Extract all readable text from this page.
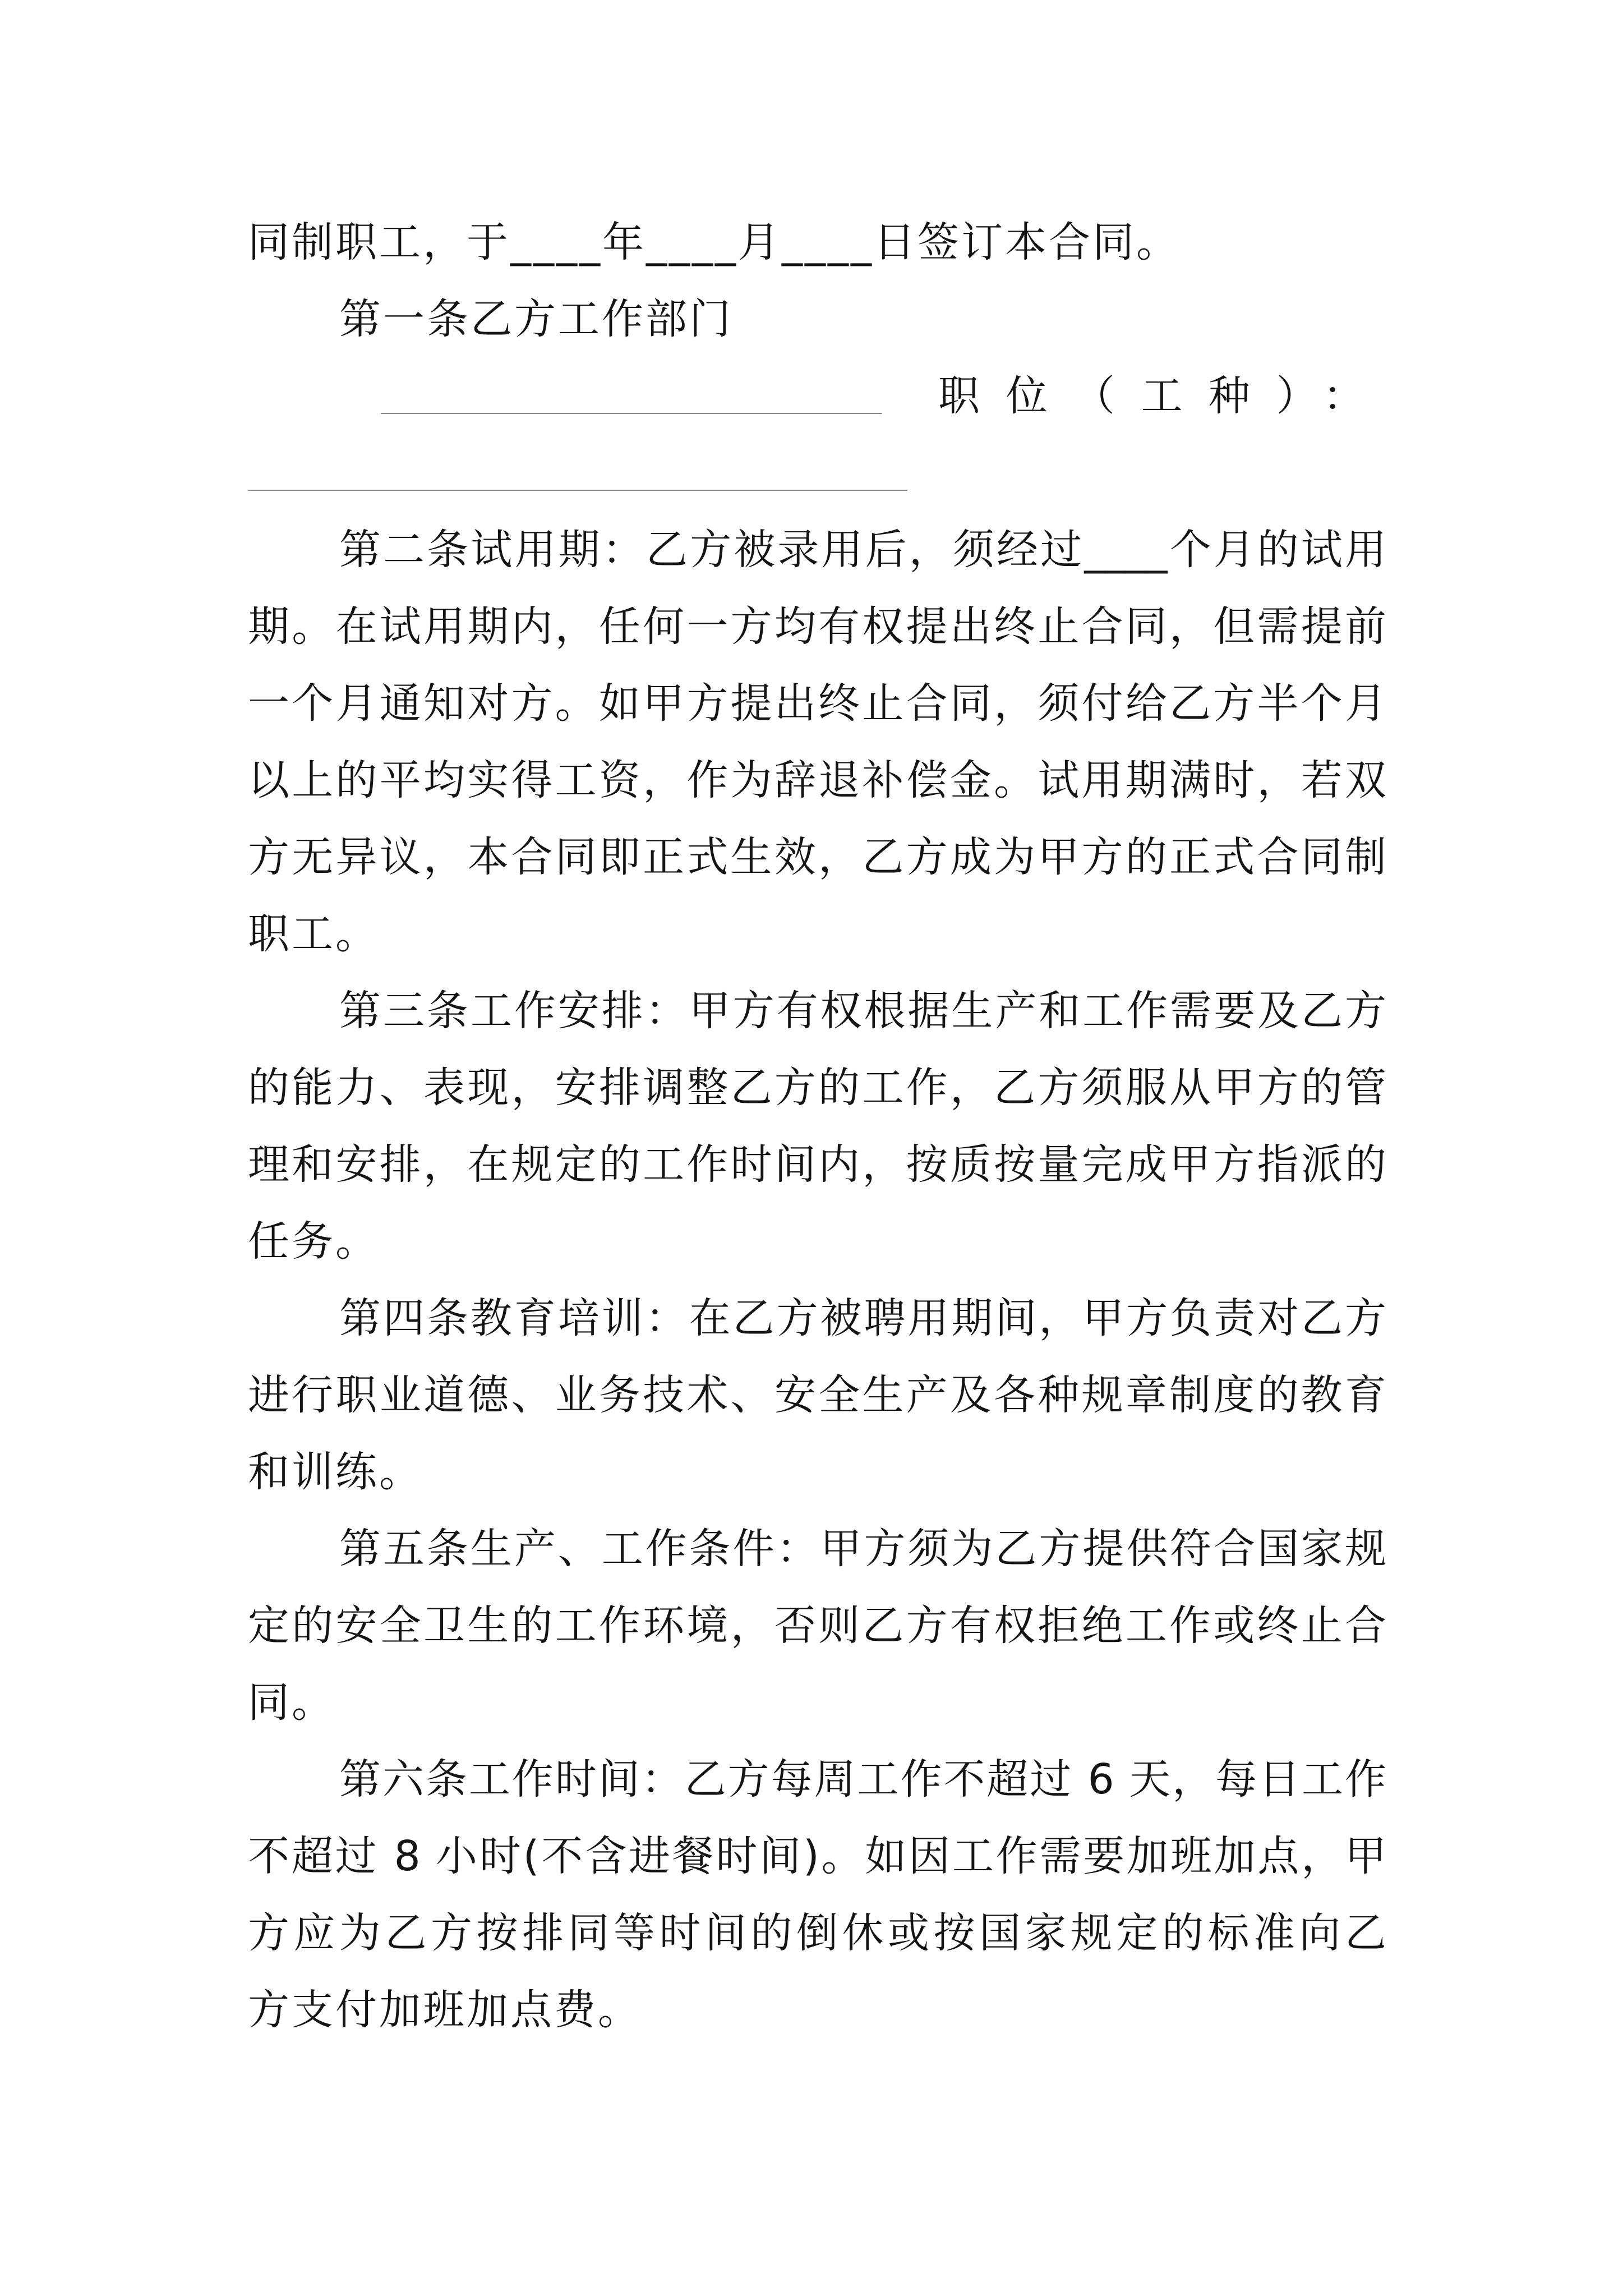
同制职工，于____年____月____日签订本合同。
第一条乙方工作部门
职位（工种）：
第二条试用期：乙方被录用后，须经过____个月的试用
期。在试用期内，任何一方均有权提出终止合同，但需提前
一个月通知对方。如甲方提出终止合同，须付给乙方半个月
以上的平均实得工资，作为辞退补偿金。试用期满时，若双
方无异议，本合同即正式生效，乙方成为甲方的正式合同制
职工。
第三条工作安排：甲方有权根据生产和工作需要及乙方
的能力、表现，安排调整乙方的工作，乙方须服从甲方的管
理和安排，在规定的工作时间内，按质按量完成甲方指派的
任务。
第四条教育培训：在乙方被聘用期间，甲方负责对乙方
进行职业道德、业务技术、安全生产及各种规章制度的教育
和训练。
第五条生产、工作条件：甲方须为乙方提供符合国家规
定的安全卫生的工作环境，否则乙方有权拒绝工作或终止合
同。
第六条工作时间：乙方每周工作不超过 6 天，每日工作
不超过 8 小时(不含进餐时间)。如因工作需要加班加点，甲
方应为乙方按排同等时间的倒休或按国家规定的标准向乙
方支付加班加点费。
